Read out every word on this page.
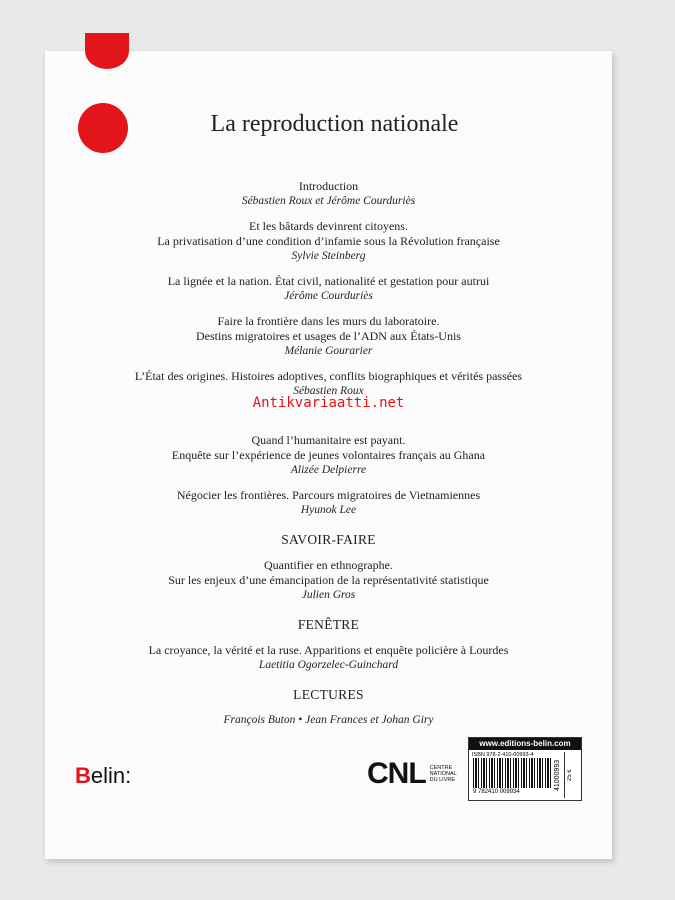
La reproduction nationale
Introduction
Sébastien Roux et Jérôme Courduriès
Et les bâtards devinrent citoyens.
La privatisation d’une condition d’infamie sous la Révolution française
Sylvie Steinberg
La lignée et la nation. État civil, nationalité et gestation pour autrui
Jérôme Courduriès
Faire la frontière dans les murs du laboratoire.
Destins migratoires et usages de l’ADN aux États-Unis
Mélanie Gourarier
L’État des origines. Histoires adoptives, conflits biographiques et vérités passées
Sébastien Roux
Quand l’humanitaire est payant.
Enquête sur l’expérience de jeunes volontaires français au Ghana
Alizée Delpierre
Négocier les frontières. Parcours migratoires de Vietnamiennes
Hyunok Lee
SAVOIR-FAIRE
Quantifier en ethnographe.
Sur les enjeux d’une émancipation de la représentativité statistique
Julien Gros
FENÊTRE
La croyance, la vérité et la ruse. Apparitions et enquête policière à Lourdes
Laetitia Ogorzelec-Guinchard
LECTURES
François Buton • Jean Frances et Johan Giry
Antikvariaatti.net
Belin:	CNL CENTRE
NATIONAL
DU LIVRE
www.editions-belin.com
ISBN 978-2-410-00993-4
9 782410 009934
41000993	25 €
